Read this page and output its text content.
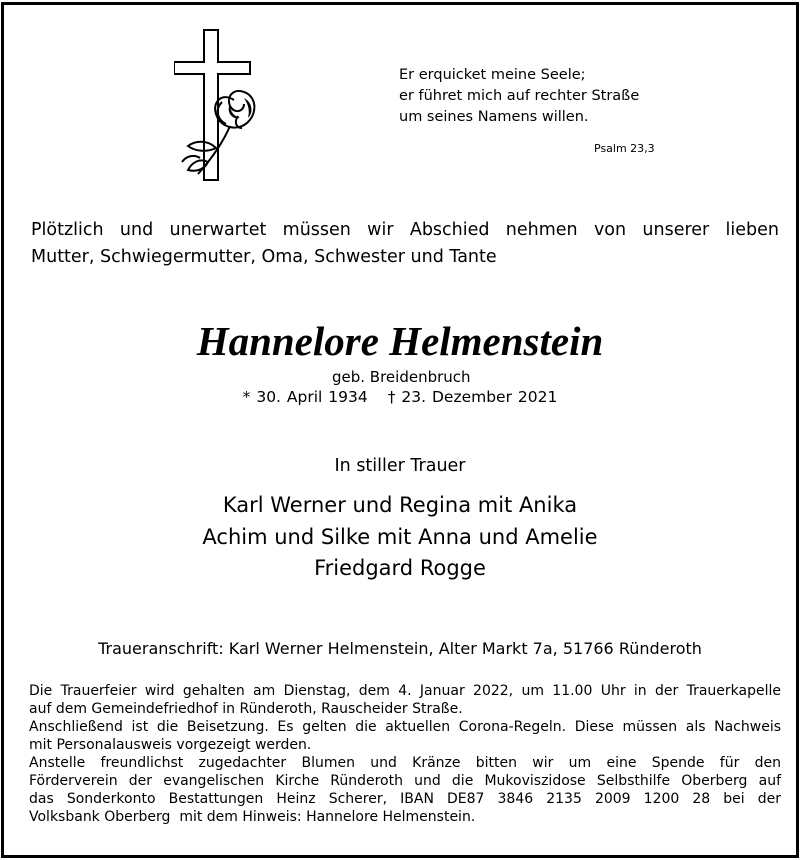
Er erquicket meine Seele;
er führet mich auf rechter Straße
um seines Namens willen.
Psalm 23,3
Plötzlich und unerwartet müssen wir Abschied nehmen von unserer lieben
Mutter, Schwiegermutter, Oma, Schwester und Tante
Hannelore Helmenstein
geb. Breidenbruch
* 30. April 1934 † 23. Dezember 2021
In stiller Trauer
Karl Werner und Regina mit Anika
Achim und Silke mit Anna und Amelie
Friedgard Rogge
Traueranschrift: Karl Werner Helmenstein, Alter Markt 7a, 51766 Ründeroth

Die Trauerfeier wird gehalten am Dienstag, dem 4. Januar 2022, um 11.00 Uhr in der Trauerkapelle

auf dem Gemeindefriedhof in Ründeroth, Rauscheider Straße.

Anschließend ist die Beisetzung. Es gelten die aktuellen Corona-Regeln. Diese müssen als Nachweis

mit Personalausweis vorgezeigt werden.

Anstelle freundlichst zugedachter Blumen und Kränze bitten wir um eine Spende für den

Förderverein der evangelischen Kirche Ründeroth und die Mukoviszidose Selbsthilfe Oberberg auf

das Sonderkonto Bestattungen Heinz Scherer, IBAN DE87 3846 2135 2009 1200 28 bei der

Volksbank Oberberg  mit dem Hinweis: Hannelore Helmenstein.
